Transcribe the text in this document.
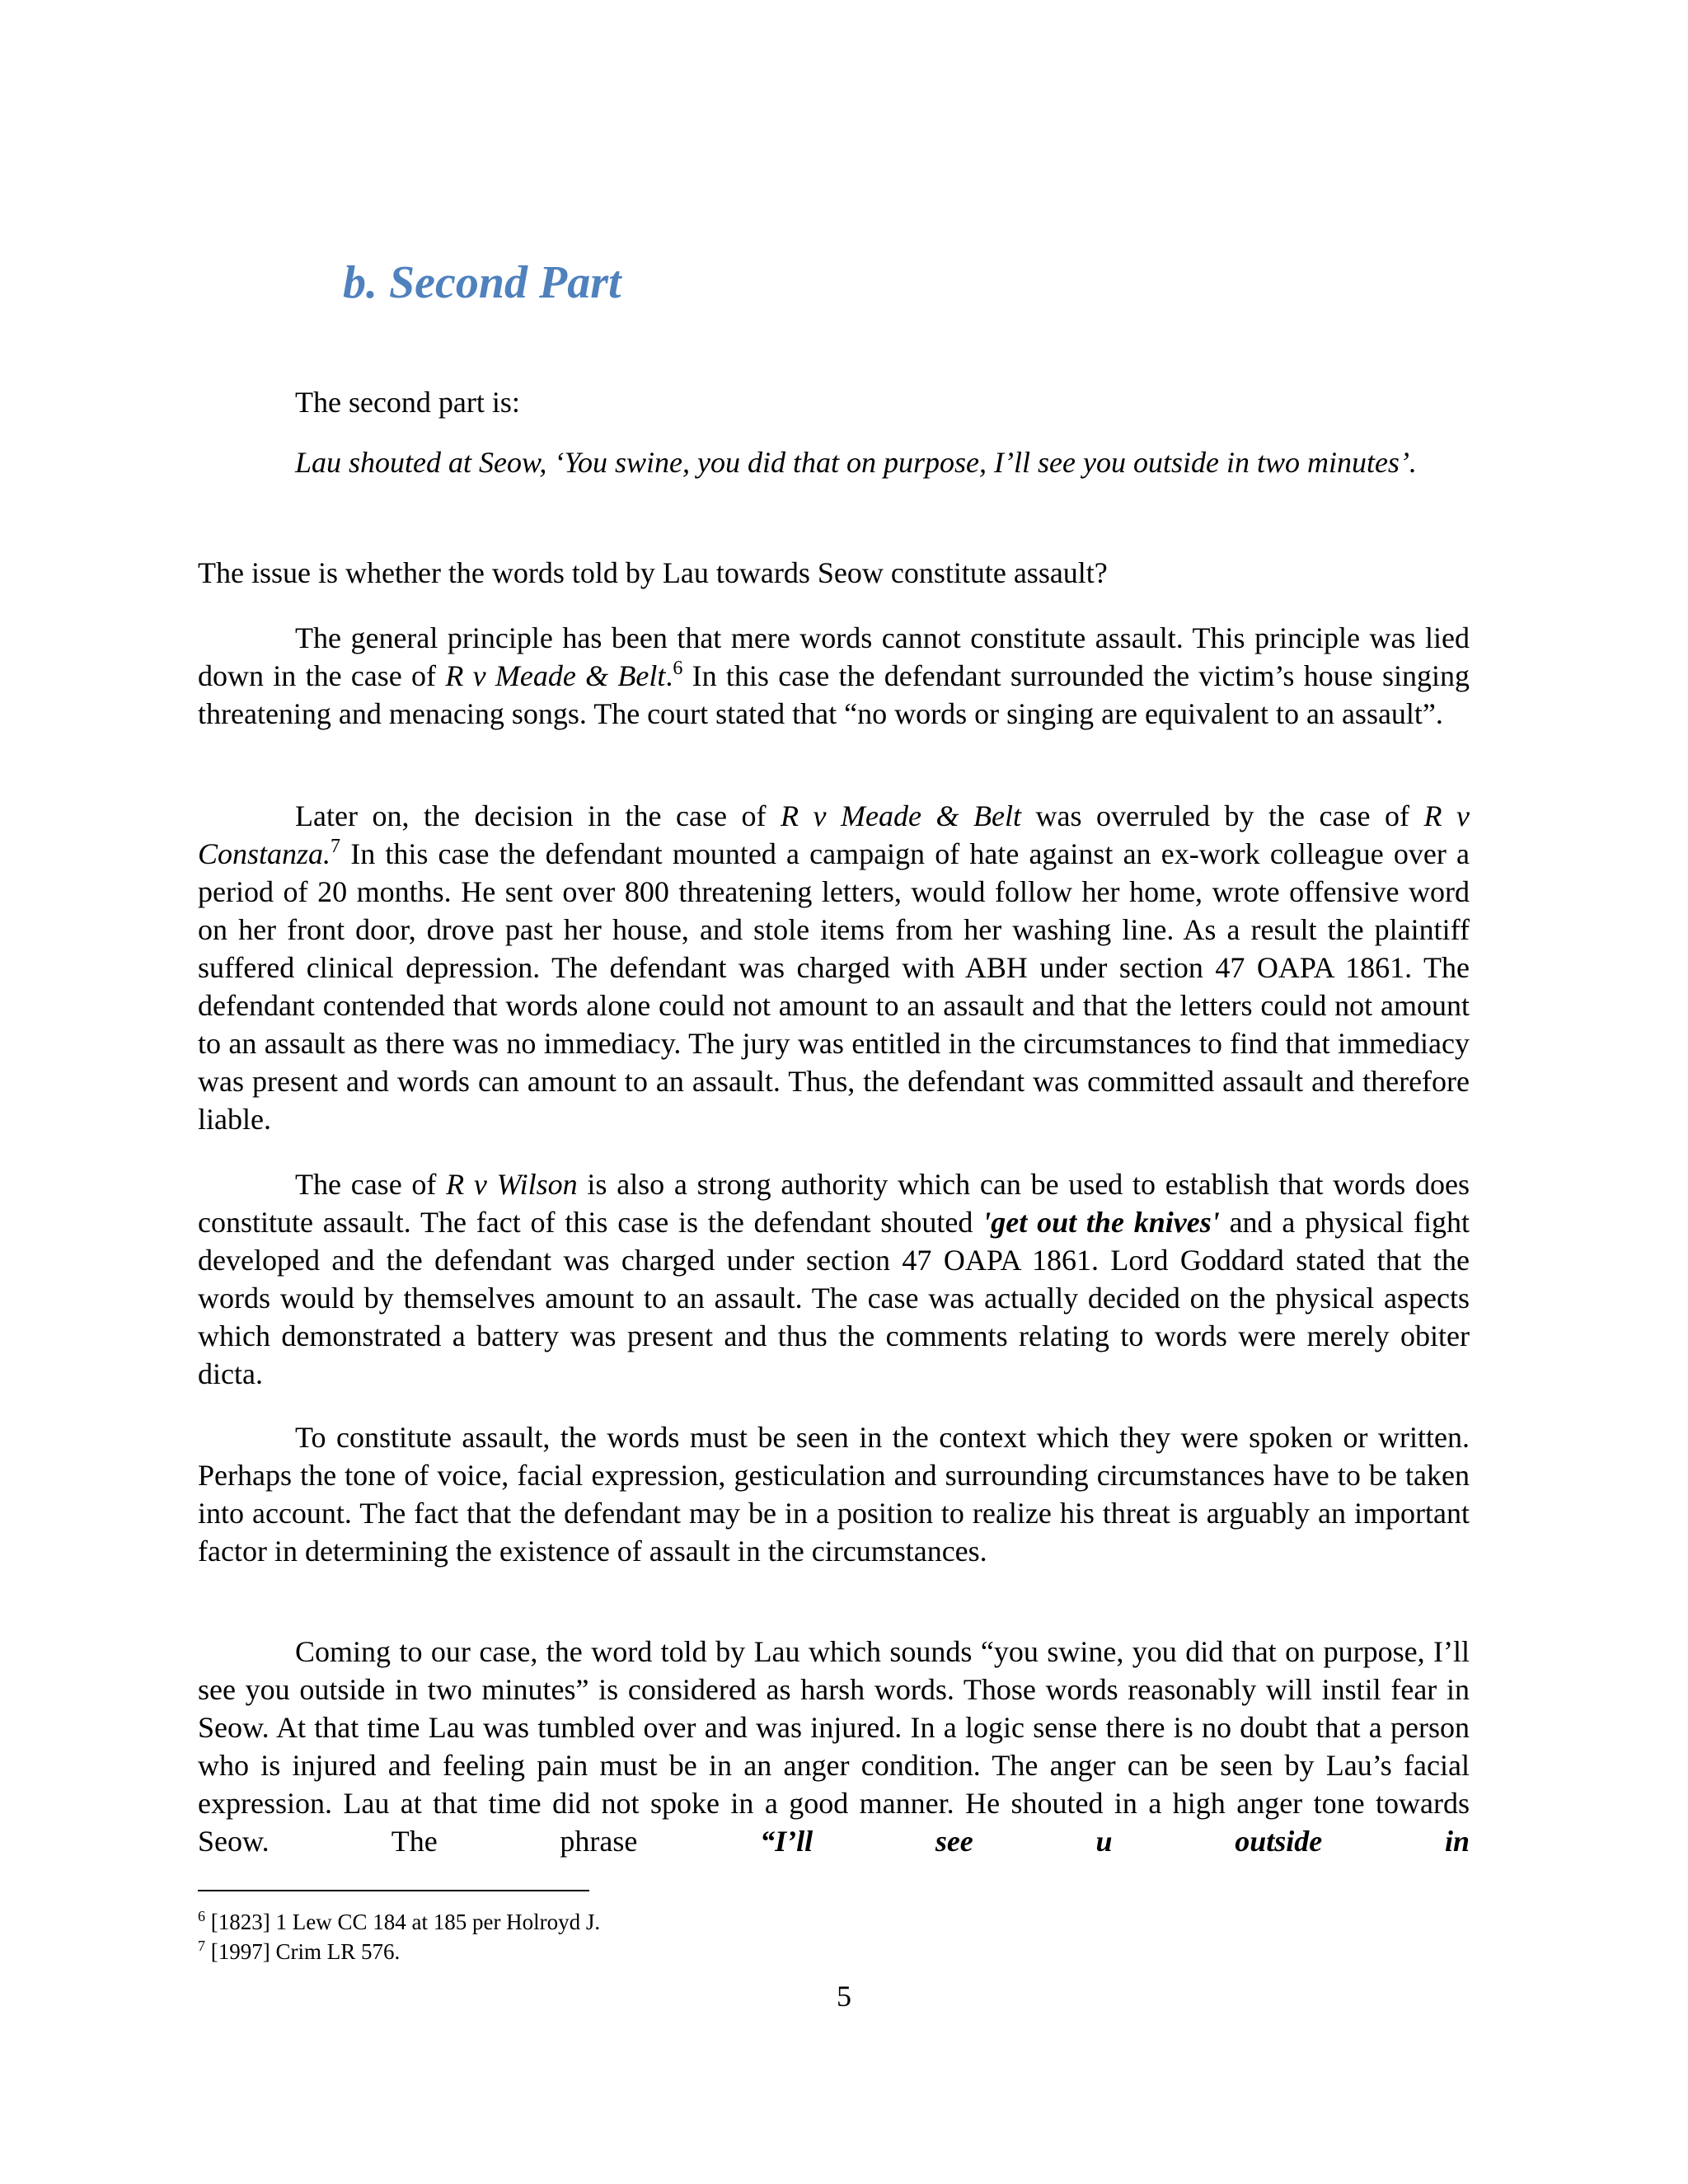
b. Second Part

The second part is:

Lau shouted at Seow, ‘You swine, you did that on purpose, I’ll see you outside in two minutes’.

The issue is whether the words told by Lau towards Seow constitute assault?

The general principle has been that mere words cannot constitute assault. This principle was lied down in the case of R v Meade & Belt.$^6$ In this case the defendant surrounded the victim’s house singing threatening and menacing songs. The court stated that “no words or singing are equivalent to an assault”.

Later on, the decision in the case of R v Meade & Belt was overruled by the case of R v Constanza.$^7$ In this case the defendant mounted a campaign of hate against an ex-work colleague over a period of 20 months. He sent over 800 threatening letters, would follow her home, wrote offensive word on her front door, drove past her house, and stole items from her washing line. As a result the plaintiff suffered clinical depression. The defendant was charged with ABH under section 47 OAPA 1861. The defendant contended that words alone could not amount to an assault and that the letters could not amount to an assault as there was no immediacy. The jury was entitled in the circumstances to find that immediacy was present and words can amount to an assault. Thus, the defendant was committed assault and therefore liable.

The case of R v Wilson is also a strong authority which can be used to establish that words does constitute assault. The fact of this case is the defendant shouted 'get out the knives' and a physical fight developed and the defendant was charged under section 47 OAPA 1861. Lord Goddard stated that the words would by themselves amount to an assault. The case was actually decided on the physical aspects which demonstrated a battery was present and thus the comments relating to words were merely obiter dicta.

To constitute assault, the words must be seen in the context which they were spoken or written. Perhaps the tone of voice, facial expression, gesticulation and surrounding circumstances have to be taken into account. The fact that the defendant may be in a position to realize his threat is arguably an important factor in determining the existence of assault in the circumstances.

Coming to our case, the word told by Lau which sounds “you swine, you did that on purpose, I’ll see you outside in two minutes” is considered as harsh words. Those words reasonably will instil fear in Seow. At that time Lau was tumbled over and was injured. In a logic sense there is no doubt that a person who is injured and feeling pain must be in an anger condition. The anger can be seen by Lau’s facial expression. Lau at that time did not spoke in a good manner. He shouted in a high anger tone towards Seow. The phrase “I’ll see u outside in

$^6$ [1823] 1 Lew CC 184 at 185 per Holroyd J.
$^7$ [1997] Crim LR 576.
5
